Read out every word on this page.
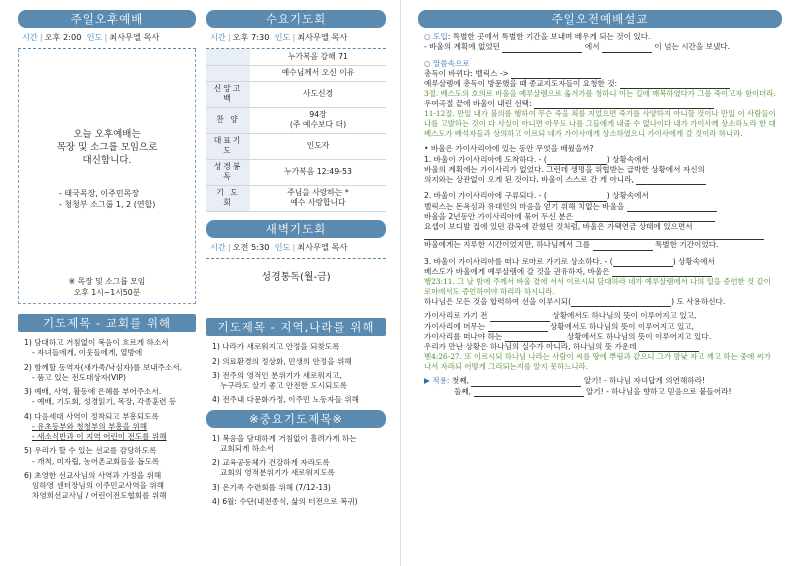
주일오후예배
시간 | 오후 2:00 인도 | 최사무엘 목사
오늘 오후예배는
목장 및 소그룹 모임으로
대신합니다.
- 태국목장, 이주민목장
- 청청부 소그룹 1, 2 (연합)
※ 목장 및 소그룹 모임
오후 1시~1시50분
기도제목 - 교회를 위해
1) 담대하고 거침없이 복음이 흐르게 하소서
- 자녀들에게, 이웃들에게, 열방에
2) 함께할 동역자(새가족/낙심자)를 보내주소서.
- 품고 있는 전도대상자(VIP)
3) 예배, 사역, 활동에 은혜를 부어주소서.
- 예배, 기도회, 성경읽기, 목장, 각종훈련 등
4) 다음세대 사역이 정착되고 부흥되도록
- 유초등부와 청청부의 부흥을 위해
- 새소식반과 이 지역 어린이 전도를 위해
5) 우리가 할 수 있는 선교를 감당하도록
- 개척, 미자립, 농어촌교회들을 돕도록
6) 초영한 선교사님의 사역과 가정을 위해
임하영 센터장님의 이주민교사역을 위해
차영희선교사님 / 어린이전도협회를 위해
수요기도회
시간 | 오후 7:30 인도 | 최사무엘 목사
	누가복음 강해 71
	예수님께서 오신 이유
신앙고백	사도신경
찬 양	94장
(주 예수보다 더)
대표기도	인도자
성경봉독	누가복음 12:49-53
기 도 회	주님을 사랑하는 *
예수 사랑합니다
새벽기도회
시간 | 오전 5:30 인도 | 최사무엘 목사
성경통독(월-금)
기도제목 - 지역,나라를 위해
1) 나라가 새로워지고 안정을 되찾도록
2) 의료환경의 정상화, 민생의 안정을 위해
3) 전주의 영적인 분위기가 새로워지고,
누구라도 살기 좋고 안전한 도시되도록
4) 전주내 다문화가정, 이주민 노동자들 위해
※중요기도제목※
1) 복음을 담대하게 거침없이 흘려가게 하는
교회되게 하소서
2) 교육공동체가 건강하게 자라도록
교회의 영적분위기가 새로워지도록
3) 온기족 수련회를 위해 (7/12-13)
4) 6월: 수단(내전종식, 삶의 터전으로 복귀)
주일오전예배설교
○ 도입: 특별한 곳에서 특별한 기간을 보내며 배우게 되는 것이 있다.
- 바울의 계획에 없었던	에서	이 넘는 시간을 보냈다.
○ 말씀속으로
총독이 바뀌다: 벨릭스 ->
예루살렘에 총독이 방문했을 때 종교지도자들이 요청한 것:
3절. 베스도의 호의로 바울을 예루살렘으로 옮겨가를 청하니 이는 길에 매복하였다가 그를 죽이고자 함이더라.
우여곡절 끝에 바울이 내린 선택:
11-12절. 만일 내가 불의를 행하여 무슨 죽을 죄를 지었으면 죽기를 사양하지 아니할 것이나 만일 이 사람들이 나를 고발하는 것이 다 사실이 아니면 아무도 나를 그들에게 내줄 수 없나이다 내가 가이사께 상소하노라 한 대 베스도가 배석자들과 상의하고 이르되 네가 가이사에게 상소하였으니 가이사에게 갈 것이라 하니라.
• 바울은 가이사리아에 있는 동안 무엇을 배웠을까?
1. 바울이 가이사리아에 도착하다. - (	) 상황속에서
바울의 계획에는 가이사리가 없었다. 그런데 생명을 위협받는 급박한 상황에서 자신의
의지와는 상관없이 오게 된 것이다. 바울이 스스로 간 게 아니라,
2. 바울이 가이사리아에 구류되다. - (	) 상황속에서
벨릭스는 돈욕심과 유대인의 마음을 얻기 위해 치없는 바울을
바울을 2년동안 가이사리아에 묶어 두신 분은
요셉이 보디발 집에 있던 감옥에 갇혔던 것처럼, 바울은 가택연금 상태에 있으면서
바울에게는 지루한 시간이었지만, 하나님께서 그를	특별한 기간이었다.
3. 바울이 가이사리아를 떠나 로마로 가기로 상소하다. - (	) 상황속에서
베스도가 바울에게 예루살렘에 갈 것을 권유하자, 바울은
행23:11. 그 날 밤에 주께서 바울 곁에 서서 이르시되 담대하라 네가 예루살렘에서 나의 일을 증언한 것 같이 로마에서도 증언하여야 하리라 하시니라.
하나님은 모든 것을 합력하여 선을 이루시되(	) 도 사용하신다.
가이사리로 가기 전	상황에서도 하나님의 뜻이 이루어지고 있고,
가이사리에 머무는	상황에서도 하나님의 뜻이 이루어지고 있고,
가이사리를 떠나야 하는	상황에서도 하나님의 뜻이 이루어지고 있다.
우리가 만난 상황은 하나님의 실수가 아니라, 하나님의 뜻 가운데
벧4:26-27. 또 이르시되 하나님 나라는 사람이 씨를 땅에 뿌림과 같으니 그가 밤낮 자고 깨고 하는 중에 씨가 나서 자라되 어떻게 그리되는지를 알지 못하느니라.
▶ 적용: 첫째,	알기! - 하나님 자녀답게 의연해하라!
둘째,	알기! - 하나님을 향하고 믿음으로 붙들어라!
